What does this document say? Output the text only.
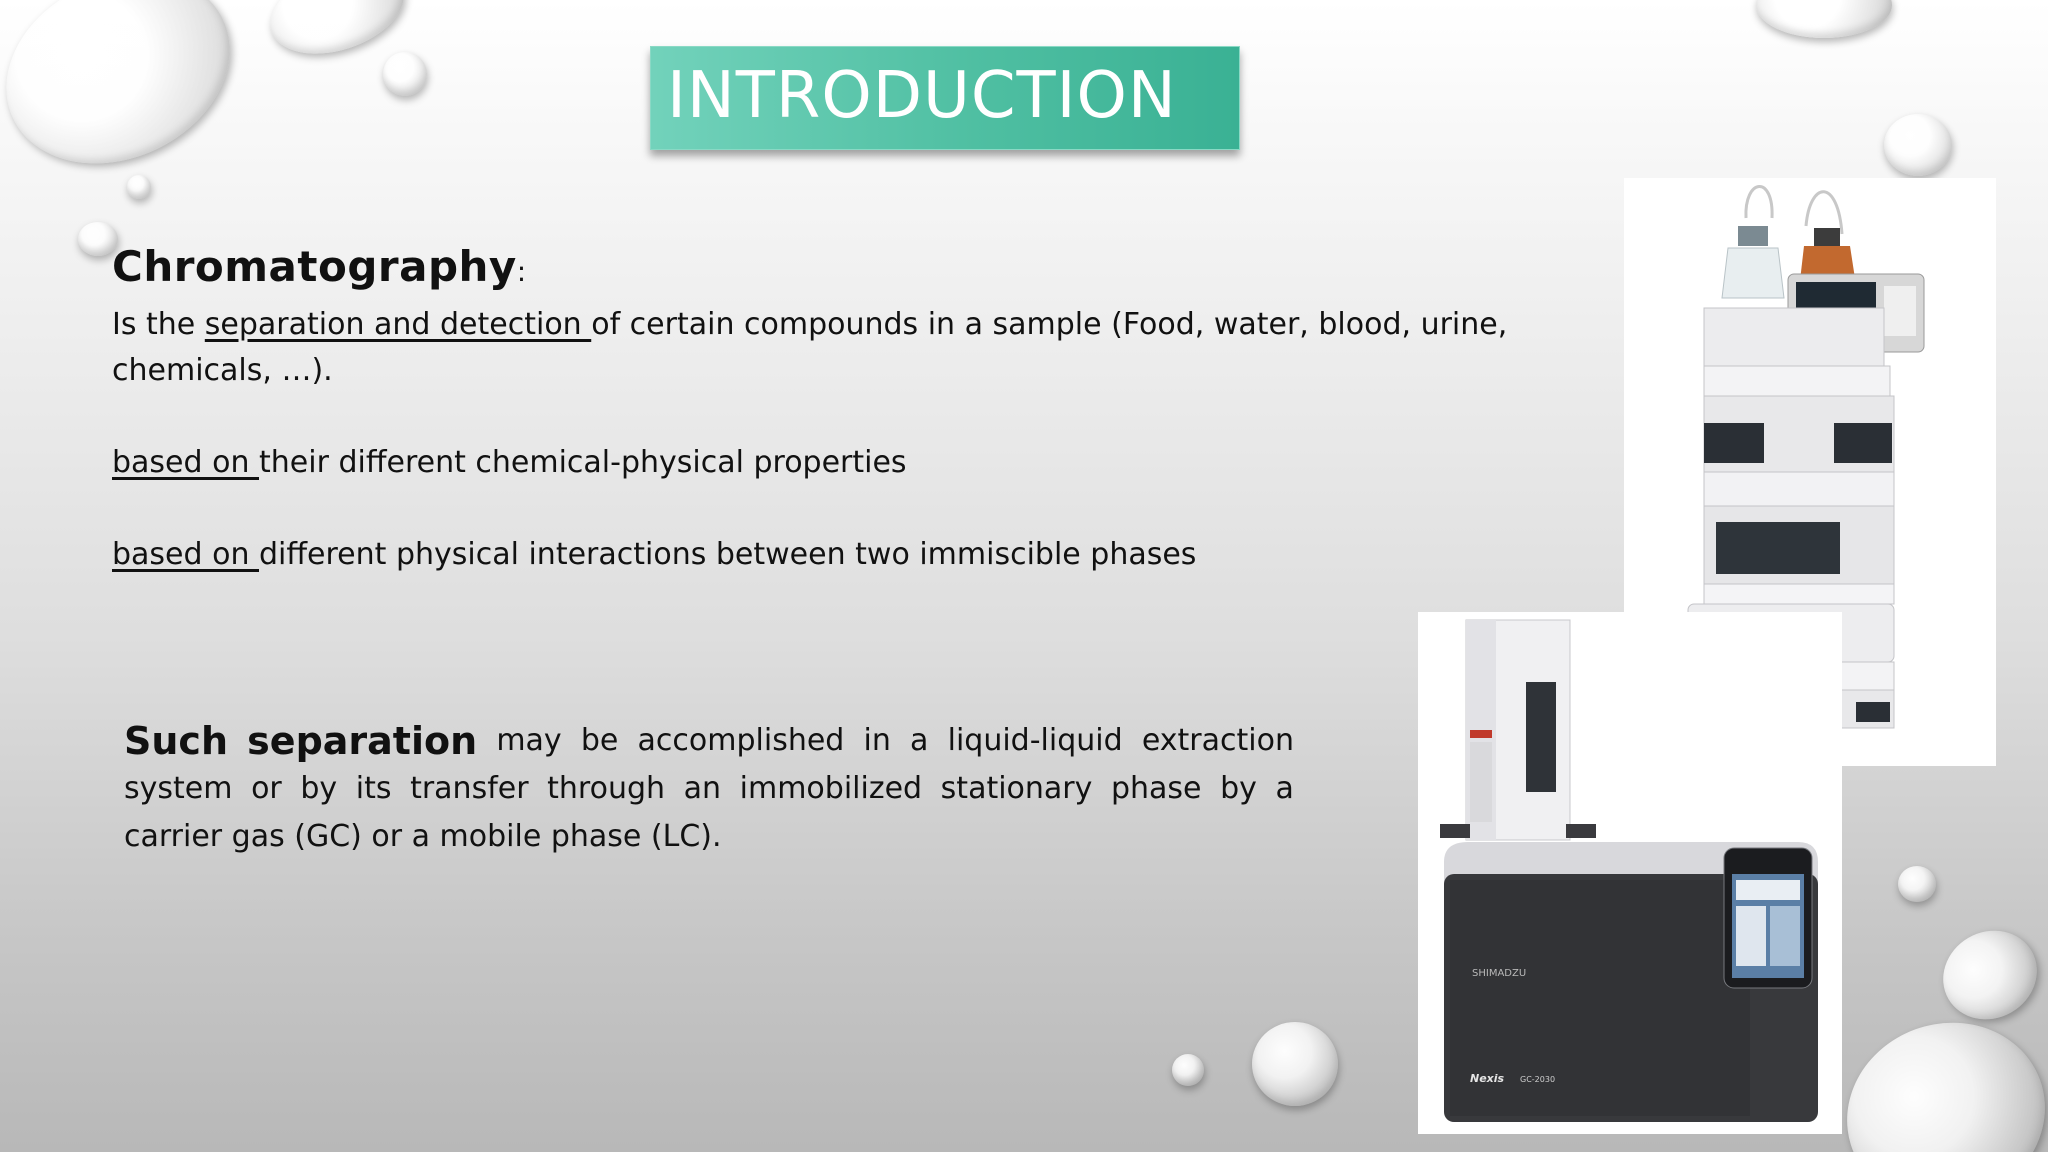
INTRODUCTION
Chromatography:
Is the separation and detection of certain compounds in a sample (Food, water, blood, urine,
chemicals, …).
based on their different chemical-physical properties
based on different physical interactions between two immiscible phases
Such separation may be accomplished in a liquid-liquid extraction
system or by its transfer through an immobilized stationary phase by a
carrier gas (GC) or a mobile phase (LC).
SHIMADZU
Nexis GC-2030
